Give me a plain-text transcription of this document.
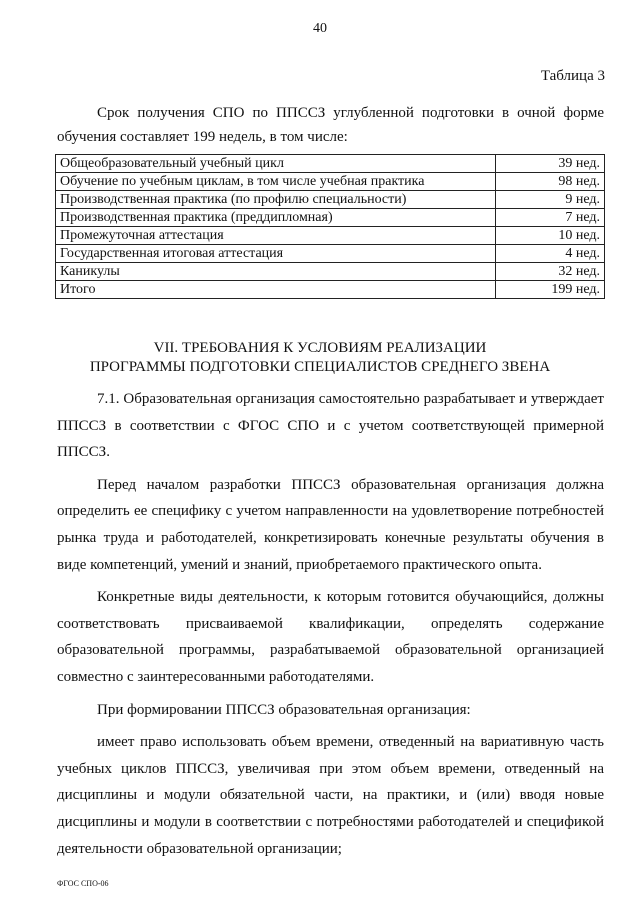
40
Таблица 3
Срок получения СПО по ППССЗ углубленной подготовки в очной форме
обучения составляет 199 недель, в том числе:
Общеобразовательный учебный цикл	39 нед.
Обучение по учебным циклам, в том числе учебная практика	98 нед.
Производственная практика (по профилю специальности)	9 нед.
Производственная практика (преддипломная)	7 нед.
Промежуточная аттестация	10 нед.
Государственная итоговая аттестация	4 нед.
Каникулы	32 нед.
Итого	199 нед.
VII. ТРЕБОВАНИЯ К УСЛОВИЯМ РЕАЛИЗАЦИИ
ПРОГРАММЫ ПОДГОТОВКИ СПЕЦИАЛИСТОВ СРЕДНЕГО ЗВЕНА

7.1. Образовательная организация самостоятельно разрабатывает и утверждает ППССЗ в соответствии с ФГОС СПО и с учетом соответствующей примерной ППССЗ.

Перед началом разработки ППССЗ образовательная организация должна определить ее специфику с учетом направленности на удовлетворение потребностей рынка труда и работодателей, конкретизировать конечные результаты обучения в виде компетенций, умений и знаний, приобретаемого практического опыта.

Конкретные виды деятельности, к которым готовится обучающийся, должны соответствовать присваиваемой квалификации, определять содержание образовательной программы, разрабатываемой образовательной организацией совместно с заинтересованными работодателями.

При формировании ППССЗ образовательная организация:

имеет право использовать объем времени, отведенный на вариативную часть учебных циклов ППССЗ, увеличивая при этом объем времени, отведенный на дисциплины и модули обязательной части, на практики, и (или) вводя новые дисциплины и модули в соответствии с потребностями работодателей и спецификой деятельности образовательной организации;

ФГОС СПО-06
